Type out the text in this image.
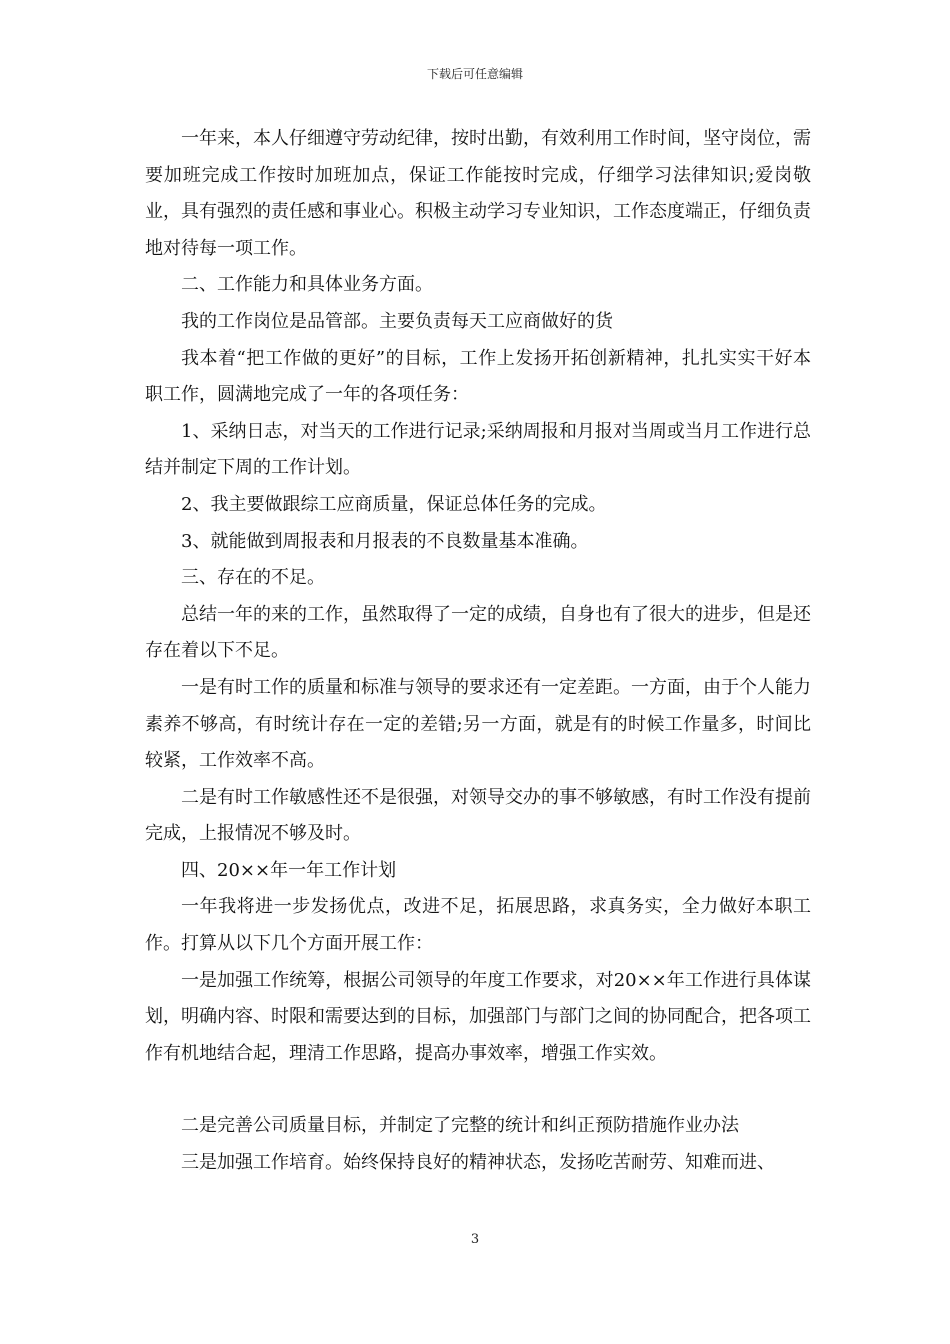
下载后可任意编辑

一年来，本人仔细遵守劳动纪律，按时出勤，有效利用工作时间，坚守岗位，需要加班完成工作按时加班加点，保证工作能按时完成，仔细学习法律知识;爱岗敬业，具有强烈的责任感和事业心。积极主动学习专业知识，工作态度端正，仔细负责地对待每一项工作。

二、工作能力和具体业务方面。

我的工作岗位是品管部。主要负责每天工应商做好的货

我本着“把工作做的更好”的目标，工作上发扬开拓创新精神，扎扎实实干好本职工作，圆满地完成了一年的各项任务：

1、采纳日志，对当天的工作进行记录;采纳周报和月报对当周或当月工作进行总结并制定下周的工作计划。

2、我主要做跟综工应商质量，保证总体任务的完成。

3、就能做到周报表和月报表的不良数量基本准确。

三、存在的不足。

总结一年的来的工作，虽然取得了一定的成绩，自身也有了很大的进步，但是还存在着以下不足。

一是有时工作的质量和标准与领导的要求还有一定差距。一方面，由于个人能力素养不够高，有时统计存在一定的差错;另一方面，就是有的时候工作量多，时间比较紧，工作效率不高。

二是有时工作敏感性还不是很强，对领导交办的事不够敏感，有时工作没有提前完成，上报情况不够及时。

四、20××年一年工作计划

一年我将进一步发扬优点，改进不足，拓展思路，求真务实，全力做好本职工作。打算从以下几个方面开展工作：

一是加强工作统筹，根据公司领导的年度工作要求，对20××年工作进行具体谋划，明确内容、时限和需要达到的目标，加强部门与部门之间的协同配合，把各项工作有机地结合起，理清工作思路，提高办事效率，增强工作实效。

二是完善公司质量目标，并制定了完整的统计和纠正预防措施作业办法

三是加强工作培育。始终保持良好的精神状态，发扬吃苦耐劳、知难而进、

3
